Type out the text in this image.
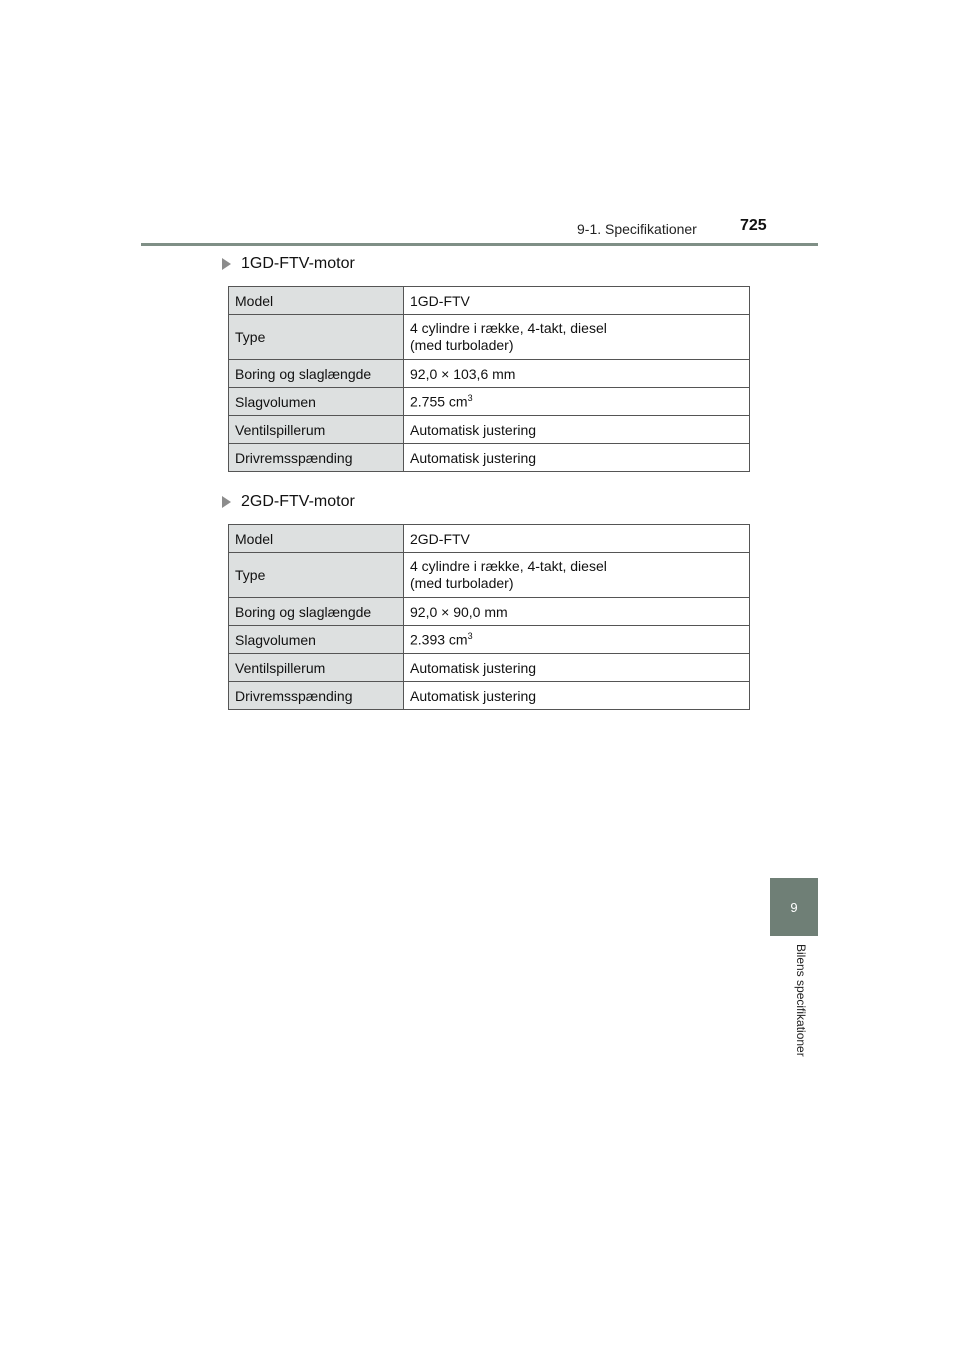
9-1. Specifikationer	725
1GD-FTV-motor
Model	1GD-FTV
Type	4 cylindre i række, 4-takt, diesel
(med turbolader)

Boring og slaglængde	92,0 × 103,6 mm
Slagvolumen	2.755 $cm^3$
Ventilspillerum	Automatisk justering
Drivremsspænding	Automatisk justering
2GD-FTV-motor
Model	2GD-FTV
Type	4 cylindre i række, 4-takt, diesel
(med turbolader)

Boring og slaglængde	92,0 × 90,0 mm
Slagvolumen	2.393 $cm^3$
Ventilspillerum	Automatisk justering
Drivremsspænding	Automatisk justering
9
Bilens specifikationer
